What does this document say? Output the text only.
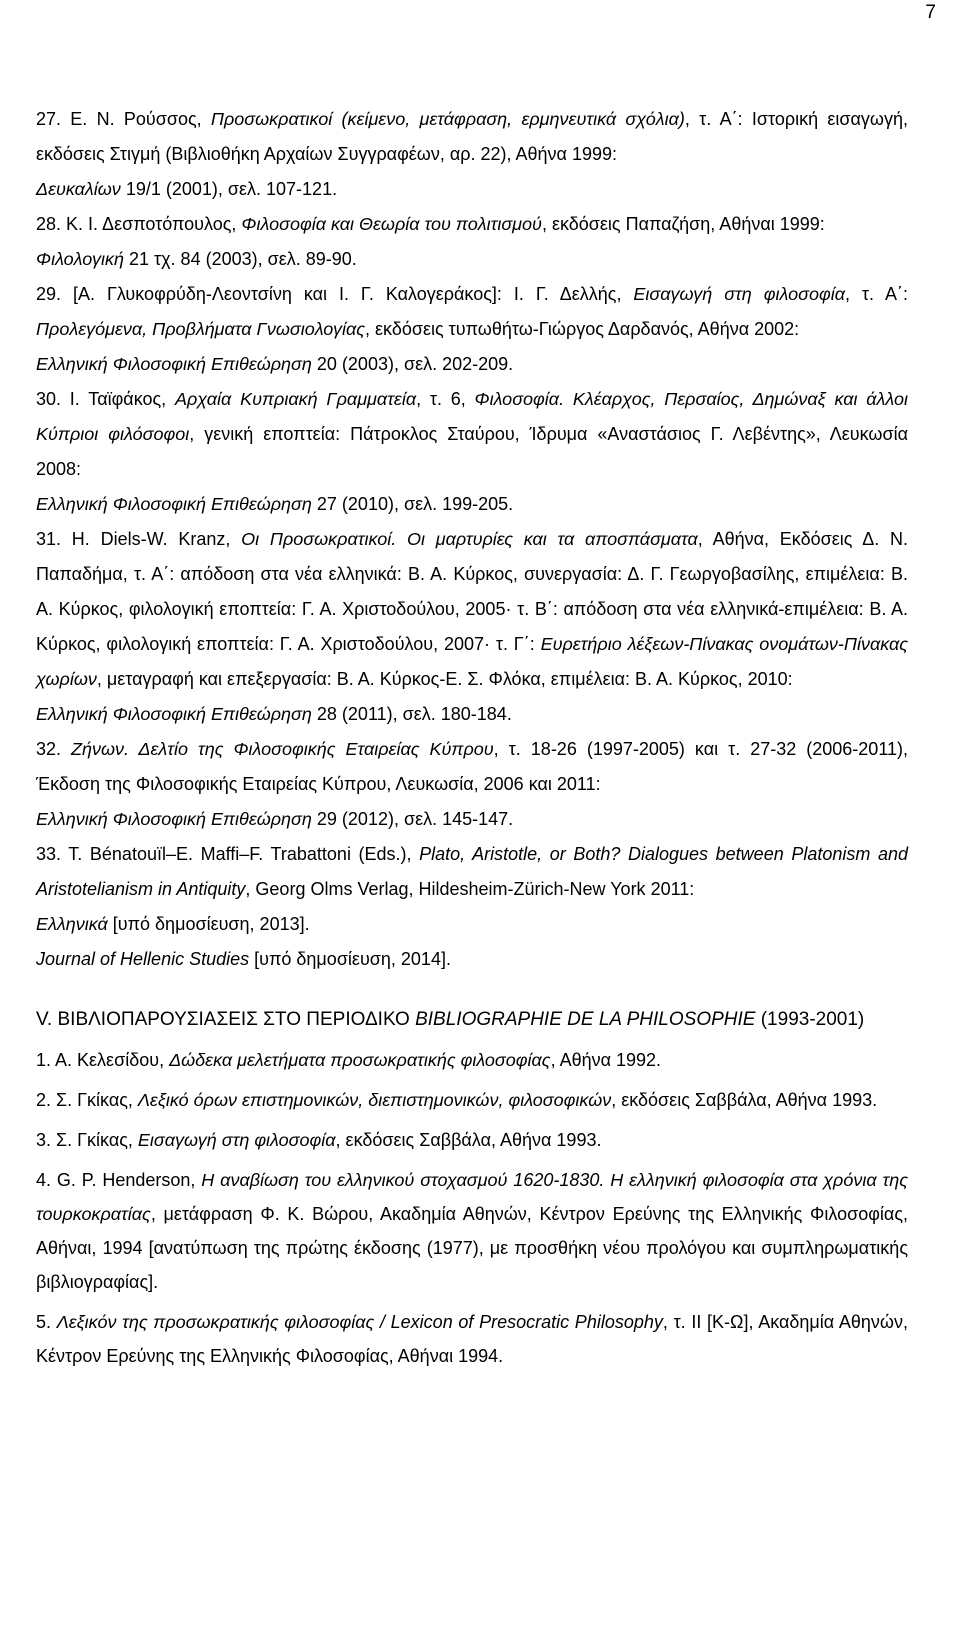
7

27. Ε. Ν. Ρούσσος, Προσωκρατικοί (κείμενο, μετάφραση, ερμηνευτικά σχόλια), τ. Α΄: Ιστορική εισαγωγή, εκδόσεις Στιγμή (Βιβλιοθήκη Αρχαίων Συγγραφέων, αρ. 22), Αθήνα 1999:
Δευκαλίων 19/1 (2001), σελ. 107-121.

28. Κ. Ι. Δεσποτόπουλος, Φιλοσοφία και Θεωρία του πολιτισμού, εκδόσεις Παπαζήση, Αθήναι 1999:
Φιλολογική 21 τχ. 84 (2003), σελ. 89-90.

29. [Α. Γλυκοφρύδη-Λεοντσίνη και Ι. Γ. Καλογεράκος]: Ι. Γ. Δελλής, Εισαγωγή στη φιλοσοφία, τ. Α΄: Προλεγόμενα, Προβλήματα Γνωσιολογίας, εκδόσεις τυπωθήτω-Γιώργος Δαρδανός, Αθήνα 2002:
Ελληνική Φιλοσοφική Επιθεώρηση 20 (2003), σελ. 202-209.

30. Ι. Ταϊφάκος, Αρχαία Κυπριακή Γραμματεία, τ. 6, Φιλοσοφία. Κλέαρχος, Περσαίος, Δημώναξ και άλλοι Κύπριοι φιλόσοφοι, γενική εποπτεία: Πάτροκλος Σταύρου, Ίδρυμα «Αναστάσιος Γ. Λεβέντης», Λευκωσία 2008:
Ελληνική Φιλοσοφική Επιθεώρηση 27 (2010), σελ. 199-205.

31. H. Diels-W. Kranz, Οι Προσωκρατικοί. Οι μαρτυρίες και τα αποσπάσματα, Αθήνα, Εκδόσεις Δ. Ν. Παπαδήμα, τ. Α΄: απόδοση στα νέα ελληνικά: Β. Α. Κύρκος, συνεργασία: Δ. Γ. Γεωργοβασίλης, επιμέλεια: Β. Α. Κύρκος, φιλολογική εποπτεία: Γ. Α. Χριστοδούλου, 2005· τ. Β΄: απόδοση στα νέα ελληνικά-επιμέλεια: Β. Α. Κύρκος, φιλολογική εποπτεία: Γ. Α. Χριστοδούλου, 2007· τ. Γ΄: Ευρετήριο λέξεων-Πίνακας ονομάτων-Πίνακας χωρίων, μεταγραφή και επεξεργασία: Β. Α. Κύρκος-Ε. Σ. Φλόκα, επιμέλεια: Β. Α. Κύρκος, 2010:
Ελληνική Φιλοσοφική Επιθεώρηση 28 (2011), σελ. 180-184.

32. Ζήνων. Δελτίο της Φιλοσοφικής Εταιρείας Κύπρου, τ. 18-26 (1997-2005) και τ. 27-32 (2006-2011), Έκδοση της Φιλοσοφικής Εταιρείας Κύπρου, Λευκωσία, 2006 και 2011:
Ελληνική Φιλοσοφική Επιθεώρηση 29 (2012), σελ. 145-147.

33. T. Bénatouïl–E. Maffi–F. Trabattoni (Eds.), Plato, Aristotle, or Both? Dialogues between Platonism and Aristotelianism in Antiquity, Georg Olms Verlag, Hildesheim-Zürich-New York 2011:
Ελληνικά [υπό δημοσίευση, 2013].
Journal of Hellenic Studies [υπό δημοσίευση, 2014].

V. ΒΙΒΛΙΟΠΑΡΟΥΣΙΑΣΕΙΣ ΣΤΟ ΠΕΡΙΟΔΙΚΟ BIBLIOGRAPHIE DE LA PHILOSOPHIE (1993-2001)

1. Α. Κελεσίδου, Δώδεκα μελετήματα προσωκρατικής φιλοσοφίας, Αθήνα 1992.

2. Σ. Γκίκας, Λεξικό όρων επιστημονικών, διεπιστημονικών, φιλοσοφικών, εκδόσεις Σαββάλα, Αθήνα 1993.

3. Σ. Γκίκας, Εισαγωγή στη φιλοσοφία, εκδόσεις Σαββάλα, Αθήνα 1993.

4. G. P. Henderson, Η αναβίωση του ελληνικού στοχασμού 1620-1830. Η ελληνική φιλοσοφία στα χρόνια της τουρκοκρατίας, μετάφραση Φ. Κ. Βώρου, Ακαδημία Αθηνών, Κέντρον Ερεύνης της Ελληνικής Φιλοσοφίας, Αθήναι, 1994 [ανατύπωση της πρώτης έκδοσης (1977), με προσθήκη νέου προλόγου και συμπληρωματικής βιβλιογραφίας].

5. Λεξικόν της προσωκρατικής φιλοσοφίας / Lexicon of Presocratic Philosophy, τ. ΙΙ [Κ-Ω], Ακαδημία Αθηνών, Κέντρον Ερεύνης της Ελληνικής Φιλοσοφίας, Αθήναι 1994.
